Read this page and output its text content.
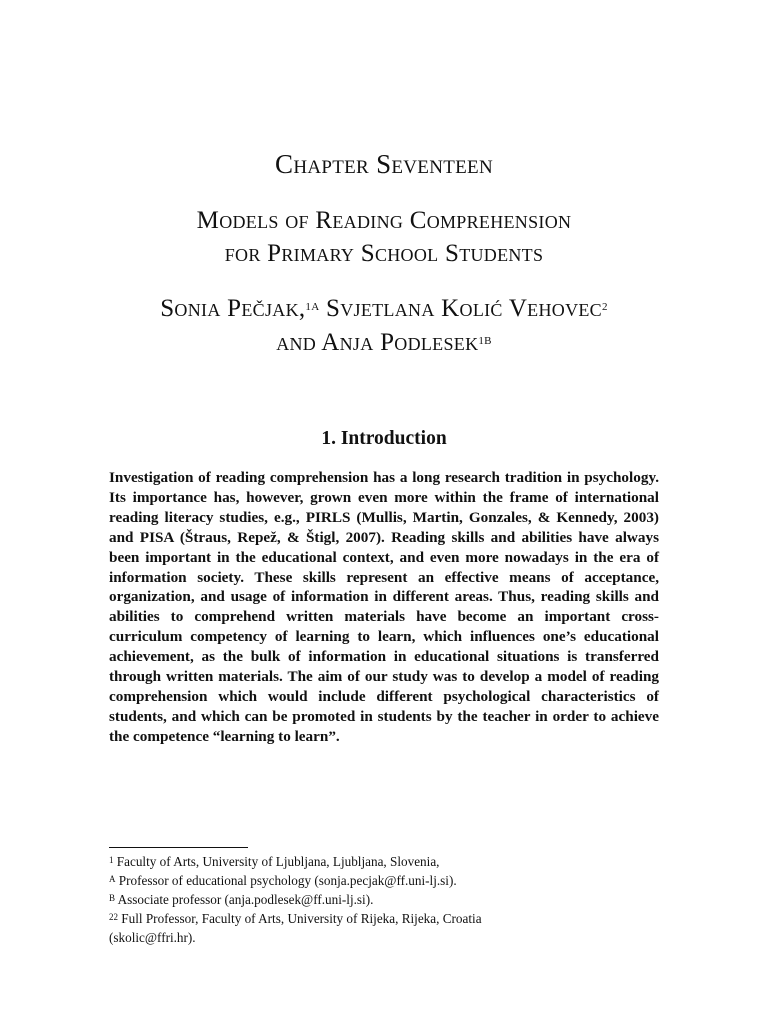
Chapter Seventeen
Models of Reading Comprehension
for Primary School Students
Sonia Pečjak,$^{1A}$ Svjetlana Kolić Vehovec$^2$
and Anja Podlesek$^{1B}$
1. Introduction

Investigation of reading comprehension has a long research tradition in psychology. Its importance has, however, grown even more within the frame of international reading literacy studies, e.g., PIRLS (Mullis, Martin, Gonzales, & Kennedy, 2003) and PISA (Štraus, Repež, & Štigl, 2007). Reading skills and abilities have always been important in the educational context, and even more nowadays in the era of information society. These skills represent an effective means of acceptance, organization, and usage of information in different areas. Thus, reading skills and abilities to comprehend written materials have become an important cross-curriculum competency of learning to learn, which influences one’s educational achievement, as the bulk of information in educational situations is transferred through written materials. The aim of our study was to develop a model of reading comprehension which would include different psychological characteristics of students, and which can be promoted in students by the teacher in order to achieve the competence “learning to learn”.

$^1$ Faculty of Arts, University of Ljubljana, Ljubljana, Slovenia,

$^A$ Professor of educational psychology (sonja.pecjak@ff.uni-lj.si).

$^B$ Associate professor (anja.podlesek@ff.uni-lj.si).

$^{22}$ Full Professor, Faculty of Arts, University of Rijeka, Rijeka, Croatia

(skolic@ffri.hr).
